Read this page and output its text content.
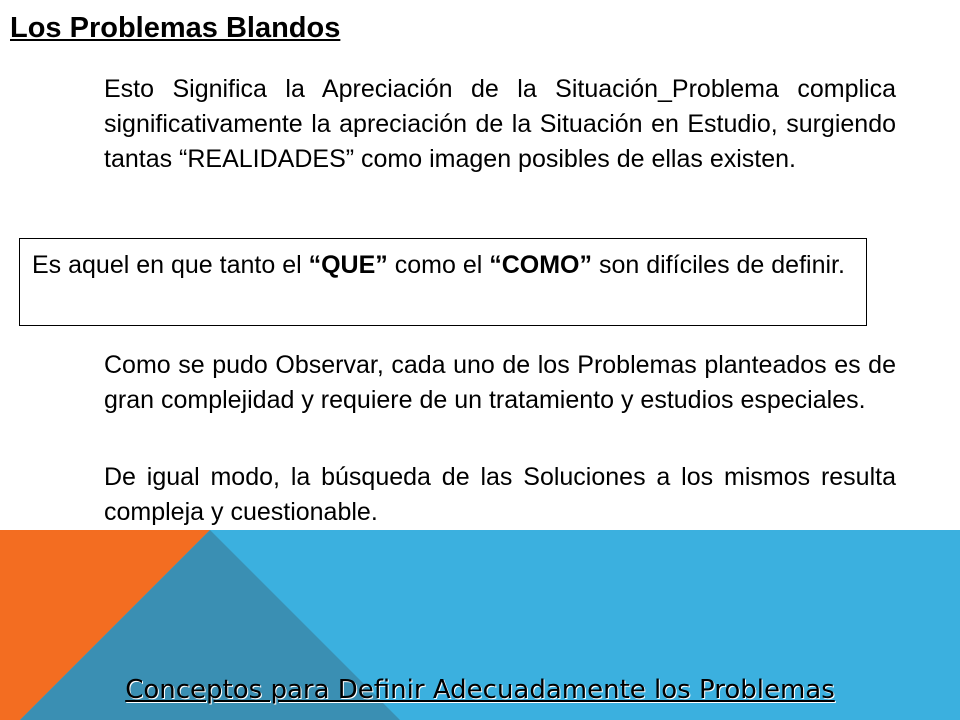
Los Problemas Blandos

Esto Significa la Apreciación de la Situación_Problema complica significativamente la apreciación de la Situación en Estudio, surgiendo tantas “REALIDADES” como imagen posibles de ellas existen.

Es aquel en que tanto el “QUE” como el “COMO” son difíciles de definir.

Como se pudo Observar, cada uno de los Problemas planteados es de gran complejidad y requiere de un tratamiento y estudios especiales.

De igual modo, la búsqueda de las Soluciones a los mismos resulta compleja y cuestionable.

Conceptos para Definir Adecuadamente los Problemas
